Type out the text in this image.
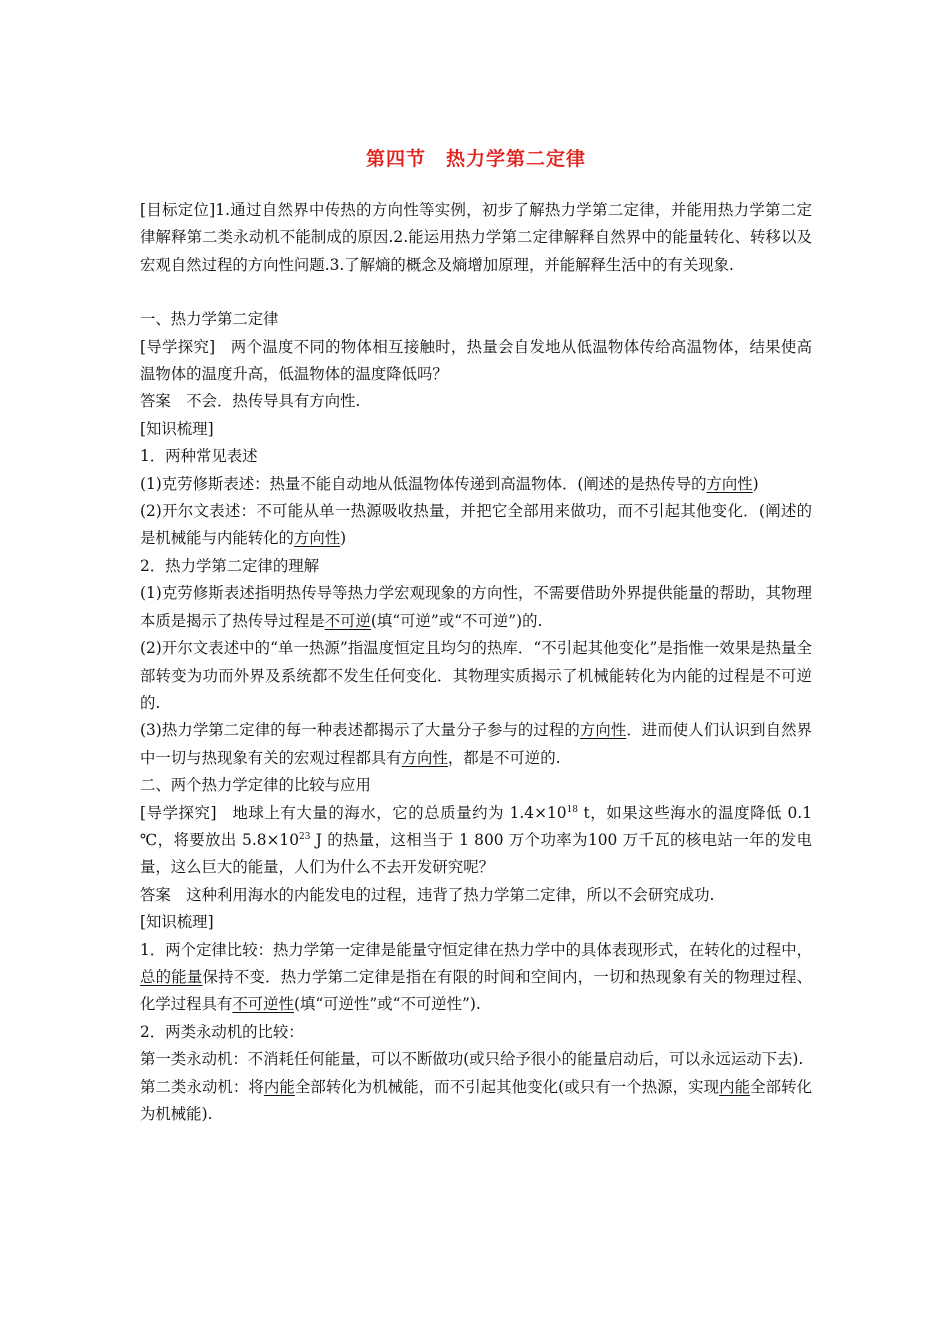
第四节　热力学第二定律

[目标定位]1.通过自然界中传热的方向性等实例，初步了解热力学第二定律，并能用热力学第二定律解释第二类永动机不能制成的原因.2.能运用热力学第二定律解释自然界中的能量转化、转移以及宏观自然过程的方向性问题.3.了解熵的概念及熵增加原理，并能解释生活中的有关现象.

一、热力学第二定律

[导学探究]  两个温度不同的物体相互接触时，热量会自发地从低温物体传给高温物体，结果使高温物体的温度升高，低温物体的温度降低吗？

答案  不会．热传导具有方向性.

[知识梳理]

1．两种常见表述

(1)克劳修斯表述：热量不能自动地从低温物体传递到高温物体．(阐述的是热传导的方向性)

(2)开尔文表述：不可能从单一热源吸收热量，并把它全部用来做功，而不引起其他变化．(阐述的是机械能与内能转化的方向性)

2．热力学第二定律的理解

(1)克劳修斯表述指明热传导等热力学宏观现象的方向性，不需要借助外界提供能量的帮助，其物理本质是揭示了热传导过程是不可逆(填“可逆”或“不可逆”)的.

(2)开尔文表述中的“单一热源”指温度恒定且均匀的热库．“不引起其他变化”是指惟一效果是热量全部转变为功而外界及系统都不发生任何变化．其物理实质揭示了机械能转化为内能的过程是不可逆的.

(3)热力学第二定律的每一种表述都揭示了大量分子参与的过程的方向性．进而使人们认识到自然界中一切与热现象有关的宏观过程都具有方向性，都是不可逆的.

二、两个热力学定律的比较与应用

[导学探究]  地球上有大量的海水，它的总质量约为 $1.4\times 10^{18}$ t，如果这些海水的温度降低 0.1 ℃，将要放出 $5.8\times 10^{23}$ J 的热量，这相当于 1 800 万个功率为100 万千瓦的核电站一年的发电量，这么巨大的能量，人们为什么不去开发研究呢？

答案  这种利用海水的内能发电的过程，违背了热力学第二定律，所以不会研究成功.

[知识梳理]

1．两个定律比较：热力学第一定律是能量守恒定律在热力学中的具体表现形式，在转化的过程中，总的能量保持不变．热力学第二定律是指在有限的时间和空间内，一切和热现象有关的物理过程、化学过程具有不可逆性(填“可逆性”或“不可逆性”).

2．两类永动机的比较：

第一类永动机：不消耗任何能量，可以不断做功(或只给予很小的能量启动后，可以永远运动下去).

第二类永动机：将内能全部转化为机械能，而不引起其他变化(或只有一个热源，实现内能全部转化为机械能).
